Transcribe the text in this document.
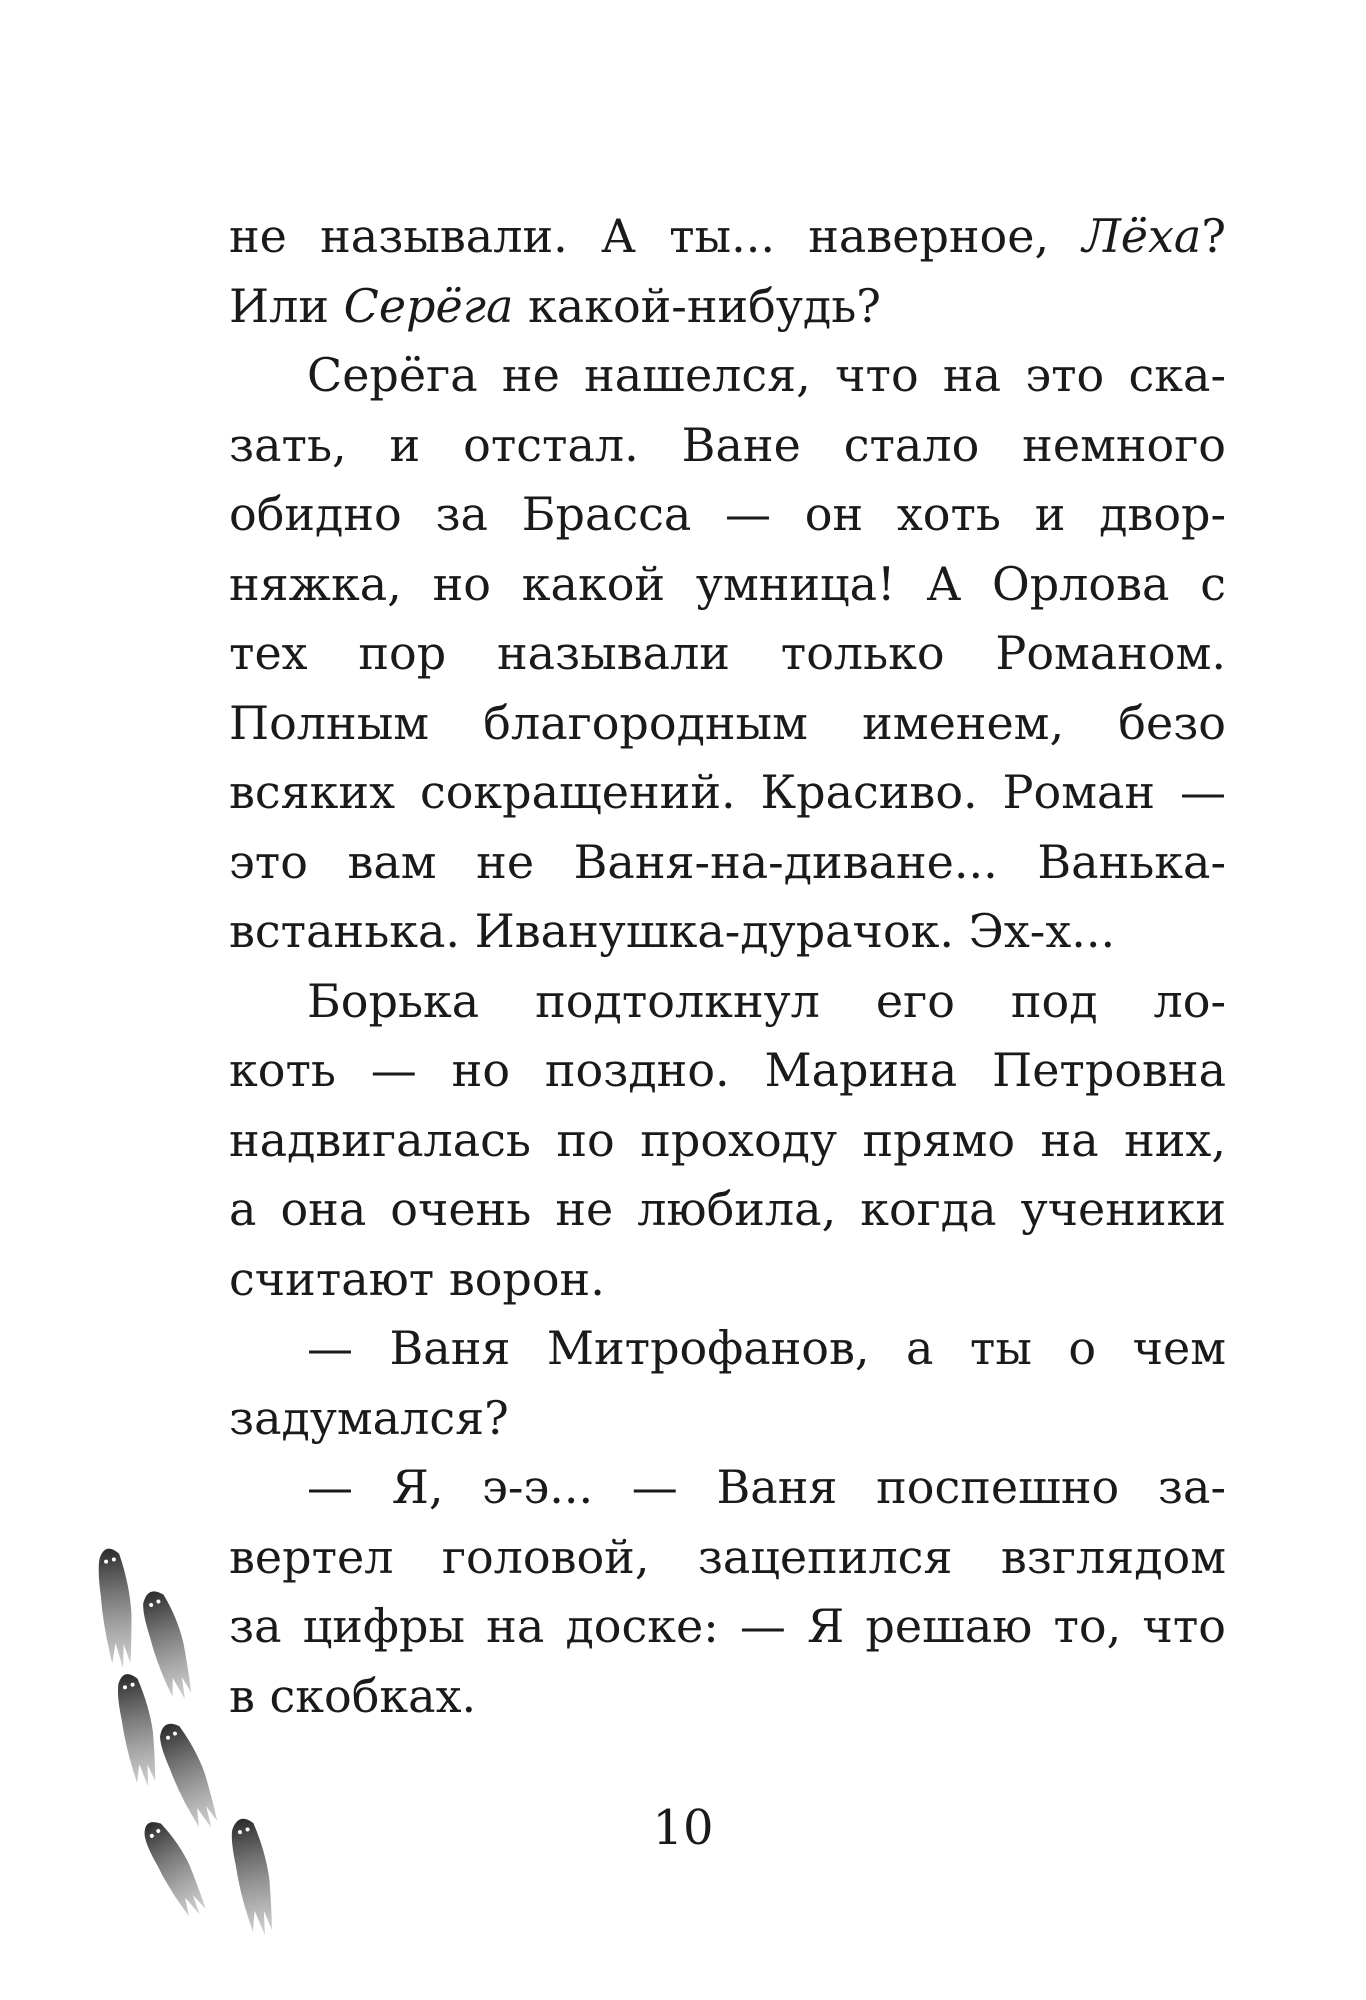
не называли. А ты... наверное, Лёха?
Или Серёга какой-нибудь?
Серёга не нашелся, что на это ска-
зать, и отстал. Ване стало немного
обидно за Брасса — он хоть и двор-
няжка, но какой умница! А Орлова с
тех пор называли только Романом.
Полным благородным именем, безо
всяких сокращений. Красиво. Роман —
это вам не Ваня-на-диване... Ванька-
встанька. Иванушка-дурачок. Эх-х...
Борька подтолкнул его под ло-
коть — но поздно. Марина Петровна
надвигалась по проходу прямо на них,
а она очень не любила, когда ученики
считают ворон.
— Ваня Митрофанов, а ты о чем
задумался?
— Я, э-э... — Ваня поспешно за-
вертел головой, зацепился взглядом
за цифры на доске: — Я решаю то, что
в скобках.
10
